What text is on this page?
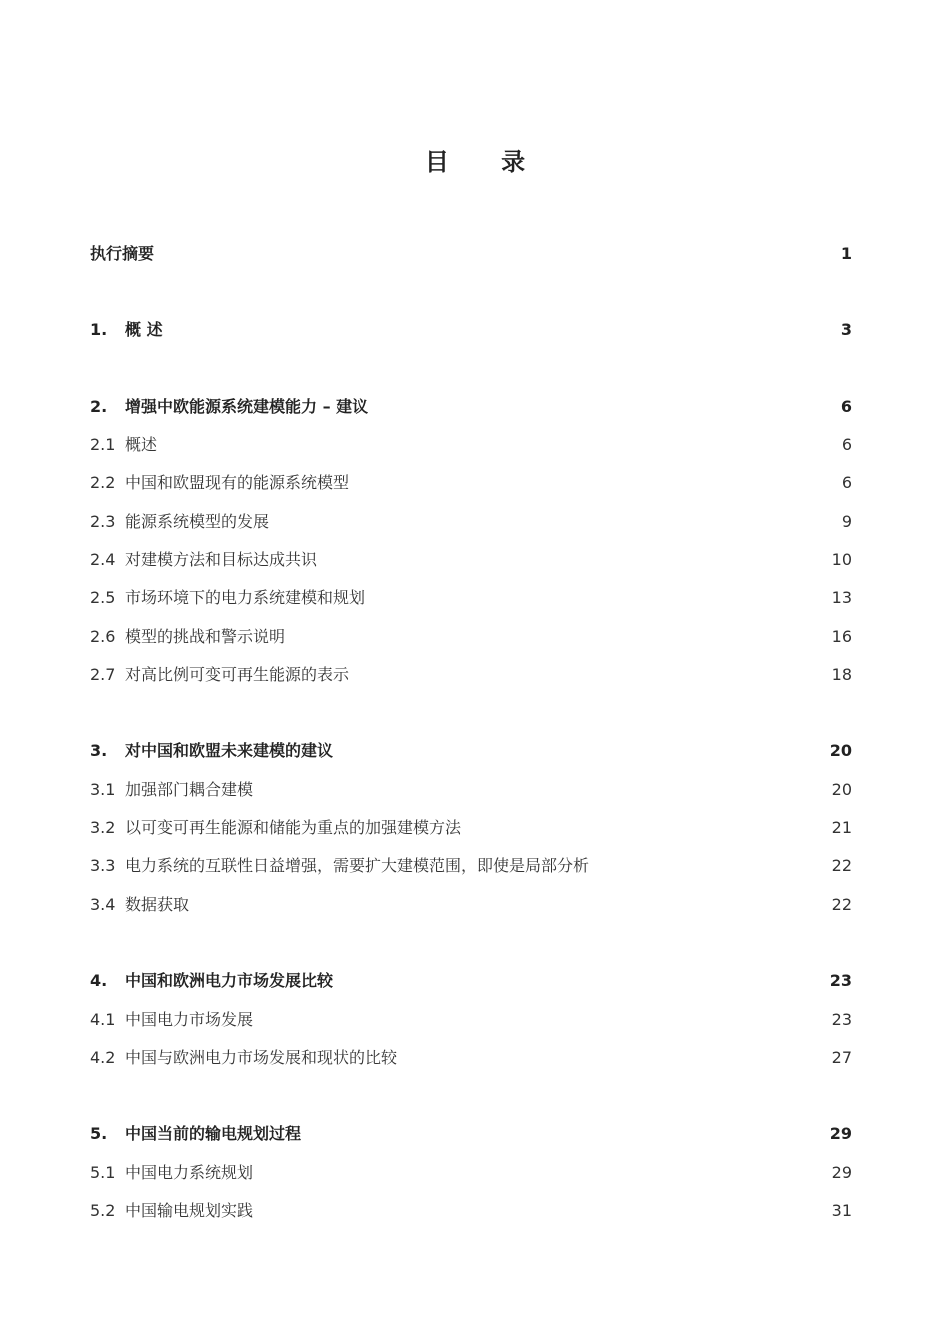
目 录
执行摘要	1
1.	概 述	3
2.	增强中欧能源系统建模能力 – 建议	6
2.1 概述	6
2.2 中国和欧盟现有的能源系统模型	6
2.3 能源系统模型的发展	9
2.4 对建模方法和目标达成共识	10
2.5 市场环境下的电力系统建模和规划	13
2.6 模型的挑战和警示说明	16
2.7 对高比例可变可再生能源的表示	18
3.	对中国和欧盟未来建模的建议	20
3.1 加强部门耦合建模	20
3.2 以可变可再生能源和储能为重点的加强建模方法	21
3.3 电力系统的互联性日益增强，需要扩大建模范围，即使是局部分析	22
3.4 数据获取	22
4.	中国和欧洲电力市场发展比较	23
4.1 中国电力市场发展	23
4.2 中国与欧洲电力市场发展和现状的比较	27
5.	中国当前的输电规划过程	29
5.1 中国电力系统规划	29
5.2 中国输电规划实践	31
